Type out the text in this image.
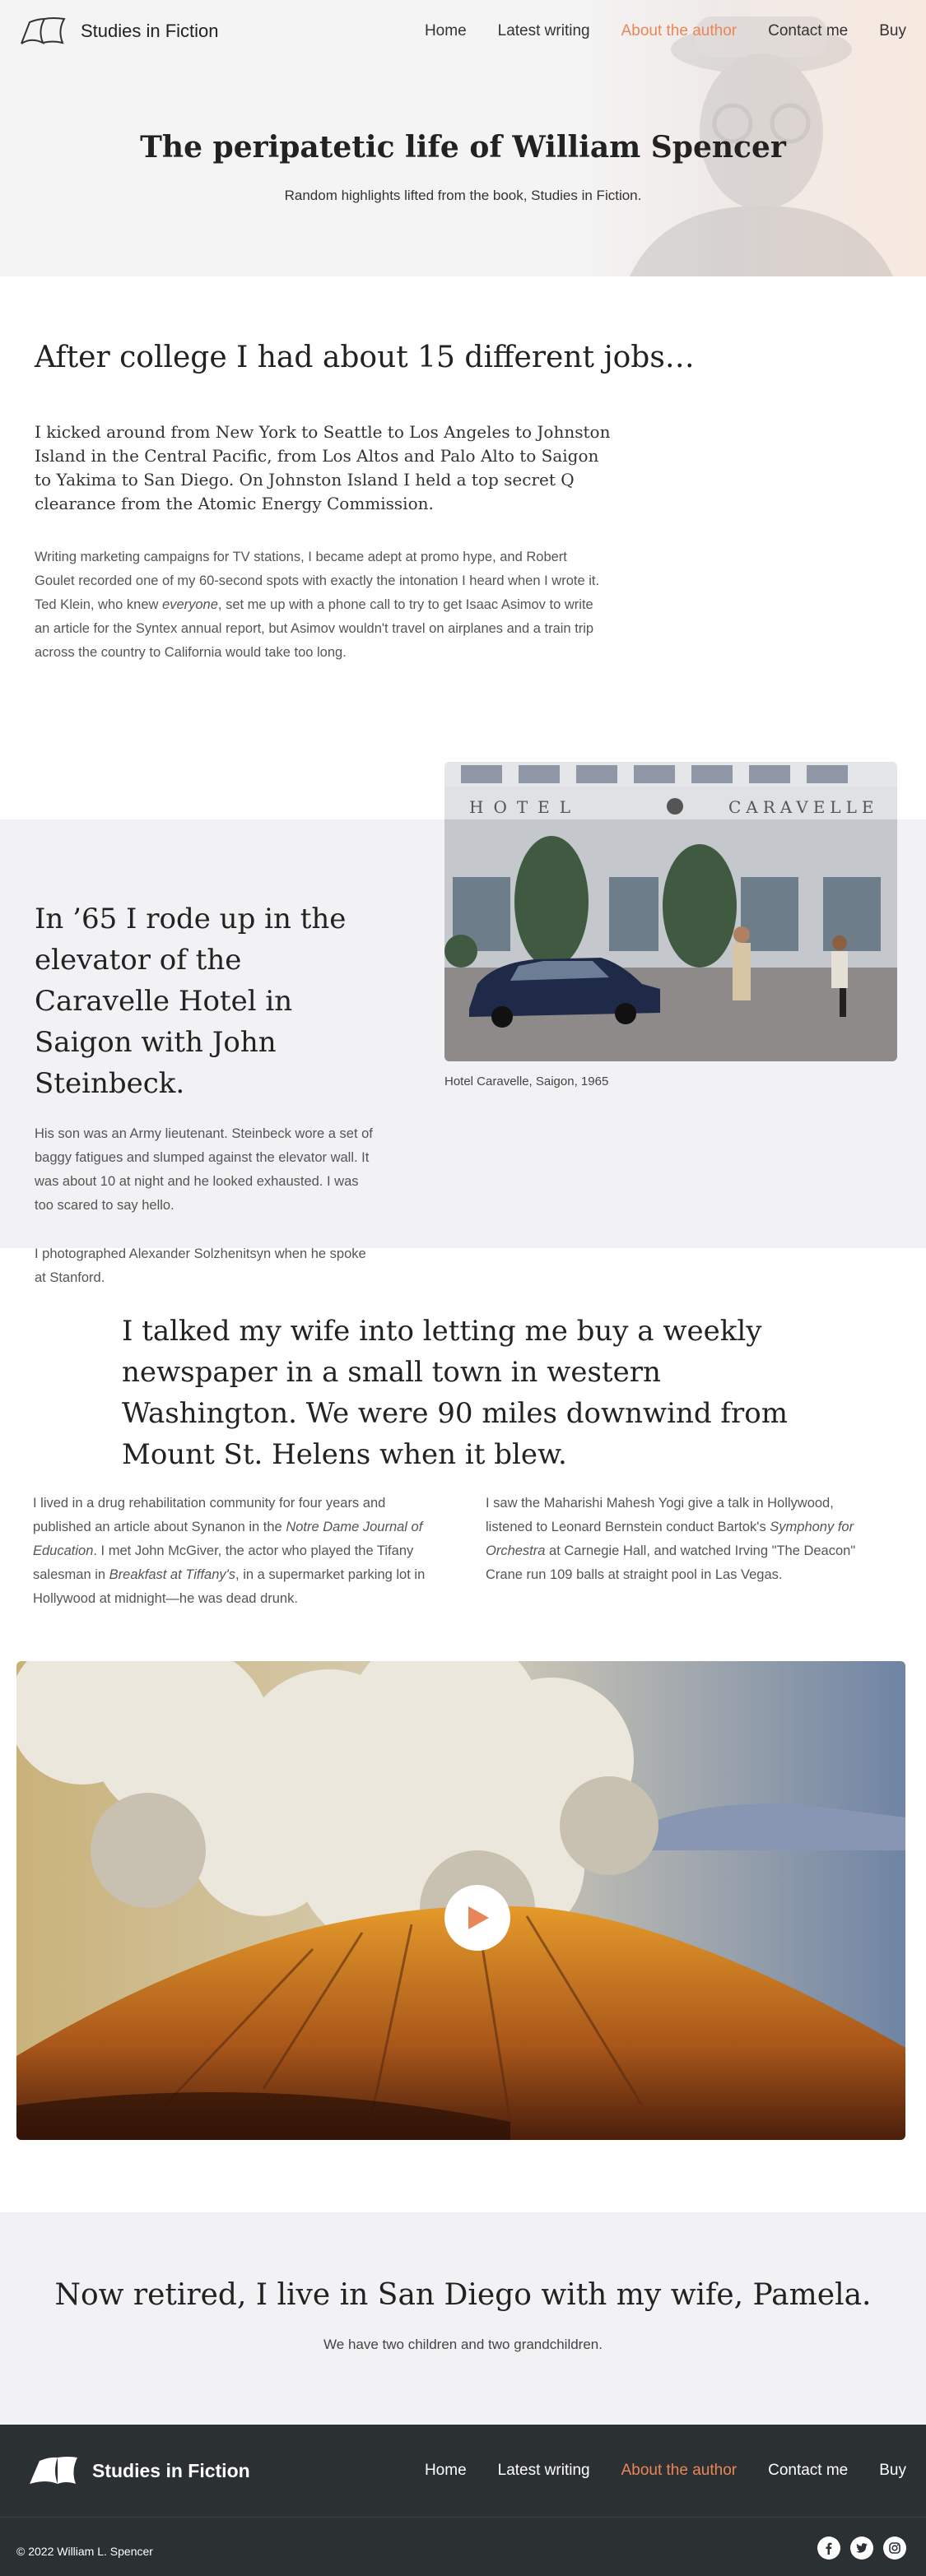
Studies in Fiction	Home Latest writing About the author Contact me Buy
The peripatetic life of William Spencer

Random highlights lifted from the book, Studies in Fiction.

After college I had about 15 different jobs…

I kicked around from New York to Seattle to Los Angeles to Johnston Island in the Central Pacific, from Los Altos and Palo Alto to Saigon to Yakima to San Diego. On Johnston Island I held a top secret Q clearance from the Atomic Energy Commission.

Writing marketing campaigns for TV stations, I became adept at promo hype, and Robert Goulet recorded one of my 60-second spots with exactly the intonation I heard when I wrote it. Ted Klein, who knew everyone, set me up with a phone call to try to get Isaac Asimov to write an article for the Syntex annual report, but Asimov wouldn't travel on airplanes and a train trip across the country to California would take too long.

In ’65 I rode up in the elevator of the Caravelle Hotel in Saigon with John Steinbeck.

His son was an Army lieutenant. Steinbeck wore a set of baggy fatigues and slumped against the elevator wall. It was about 10 at night and he looked exhausted. I was too scared to say hello.

I photographed Alexander Solzhenitsyn when he spoke at Stanford.

HOTEL	CARAVELLE

Hotel Caravelle, Saigon, 1965

I talked my wife into letting me buy a weekly newspaper in a small town in western Washington. We were 90 miles downwind from Mount St. Helens when it blew.

I lived in a drug rehabilitation community for four years and published an article about Synanon in the Notre Dame Journal of Education. I met John McGiver, the actor who played the Tifany salesman in Breakfast at Tiffany's, in a supermarket parking lot in Hollywood at midnight—he was dead drunk.

I saw the Maharishi Mahesh Yogi give a talk in Hollywood, listened to Leonard Bernstein conduct Bartok's Symphony for Orchestra at Carnegie Hall, and watched Irving "The Deacon" Crane run 109 balls at straight pool in Las Vegas.

Now retired, I live in San Diego with my wife, Pamela.

We have two children and two grandchildren.

Studies in Fiction	Home Latest writing About the author Contact me Buy

© 2022 William L. Spencer
